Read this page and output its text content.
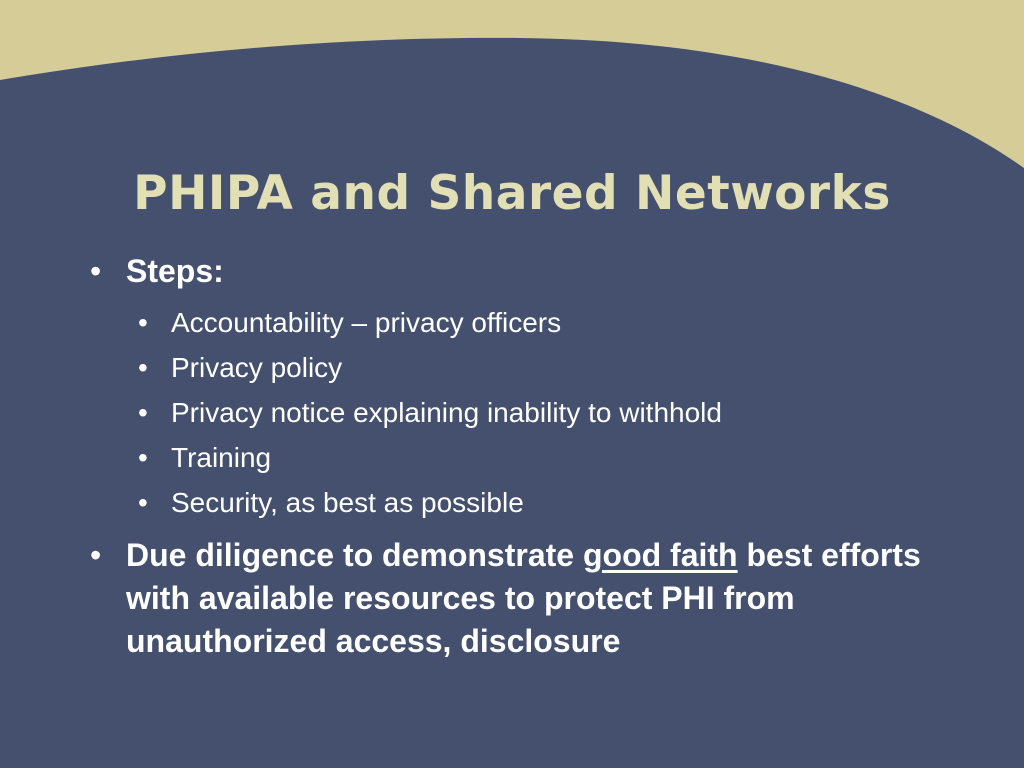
PHIPA and Shared Networks
• Steps:
• Accountability – privacy officers
• Privacy policy
• Privacy notice explaining inability to withhold
• Training
• Security, as best as possible
• Due diligence to demonstrate good faith best efforts with available resources to protect PHI from unauthorized access, disclosure
